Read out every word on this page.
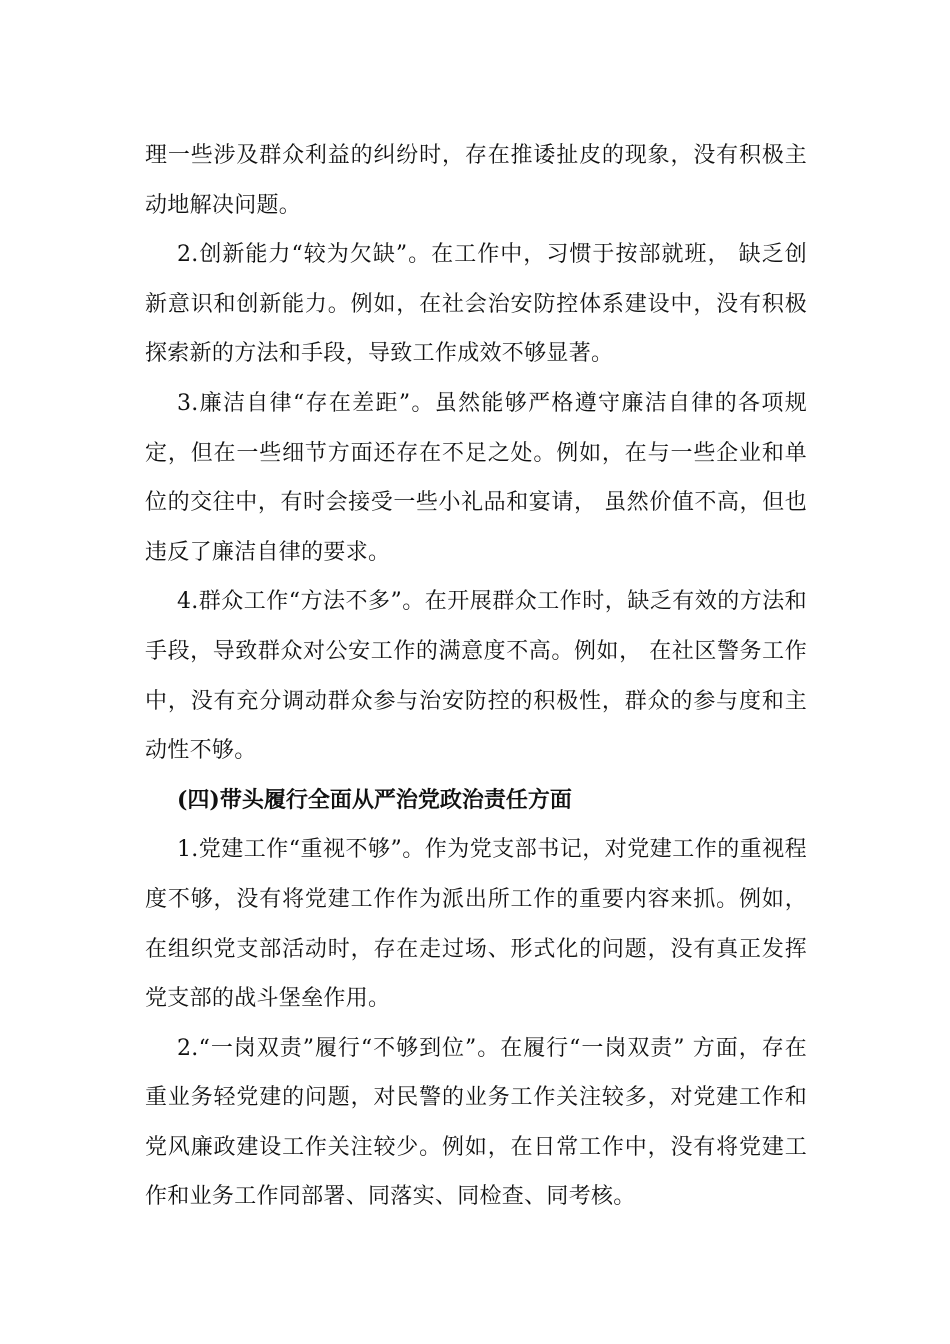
理一些涉及群众利益的纠纷时，存在推诿扯皮的现象，没有积极主动地解决问题。

2.创新能力“较为欠缺”。在工作中，习惯于按部就班， 缺乏创新意识和创新能力。例如，在社会治安防控体系建设中，没有积极探索新的方法和手段，导致工作成效不够显著。

3.廉洁自律“存在差距”。虽然能够严格遵守廉洁自律的各项规定，但在一些细节方面还存在不足之处。例如，在与一些企业和单位的交往中，有时会接受一些小礼品和宴请， 虽然价值不高，但也违反了廉洁自律的要求。

4.群众工作“方法不多”。在开展群众工作时，缺乏有效的方法和手段，导致群众对公安工作的满意度不高。例如， 在社区警务工作中，没有充分调动群众参与治安防控的积极性，群众的参与度和主动性不够。

(四)带头履行全面从严治党政治责任方面

1.党建工作“重视不够”。作为党支部书记，对党建工作的重视程度不够，没有将党建工作作为派出所工作的重要内容来抓。例如，在组织党支部活动时，存在走过场、形式化的问题，没有真正发挥党支部的战斗堡垒作用。

2.“一岗双责”履行“不够到位”。在履行“一岗双责” 方面，存在重业务轻党建的问题，对民警的业务工作关注较多，对党建工作和党风廉政建设工作关注较少。例如，在日常工作中，没有将党建工作和业务工作同部署、同落实、同检查、同考核。
